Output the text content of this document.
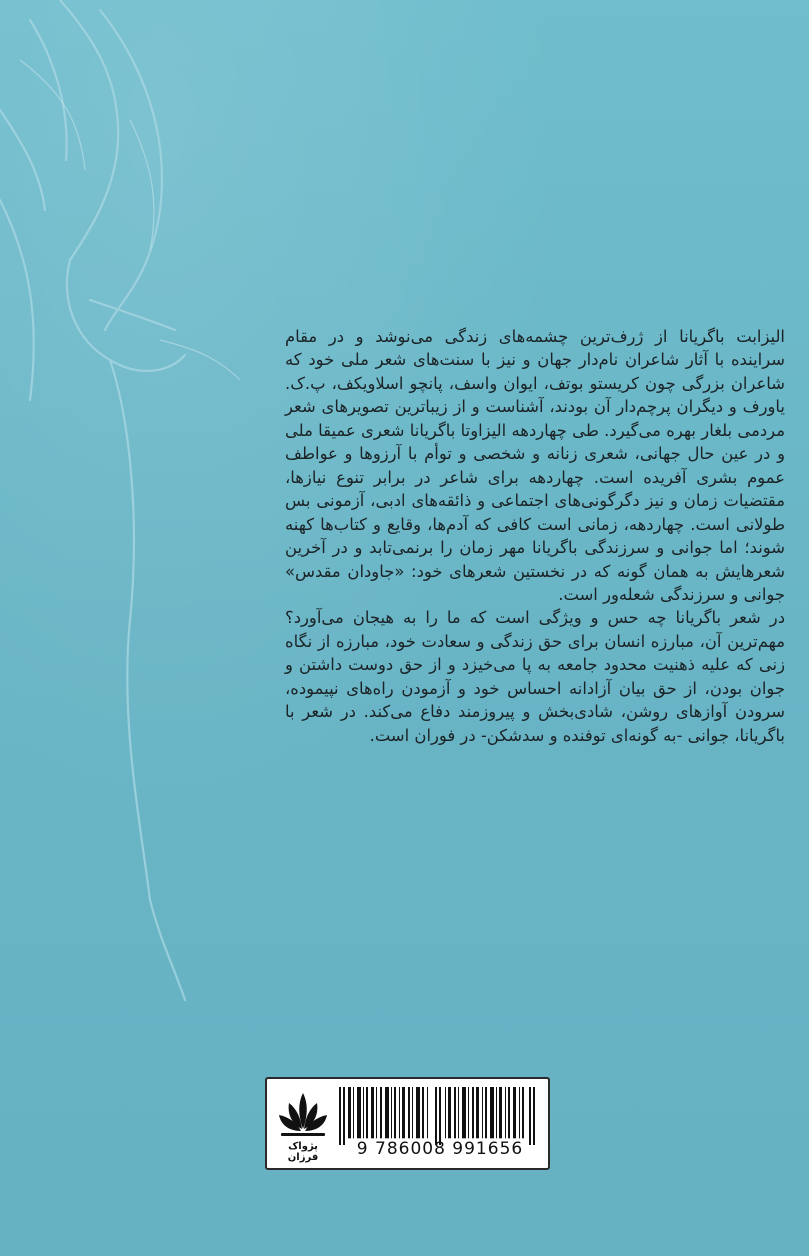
الیزابت باگریانا از ژرف‌ترین چشمه‌های زندگی می‌نوشد و در مقام سراینده با آثار شاعران نام‌دار جهان و نیز با سنت‌های شعر ملی خود که شاعران بزرگی چون کریستو بوتف، ایوان واسف، پانچو اسلاویکف، پ.ک. یاورف و دیگران پرچم‌دار آن بودند، آشناست و از زیباترین تصویرهای شعر مردمی بلغار بهره می‌گیرد. طی چهاردهه الیزاوتا باگریانا شعری عمیقا ملی و در عین حال جهانی، شعری زنانه و شخصی و توأم با آرزوها و عواطف عموم بشری آفریده است. چهاردهه برای شاعر در برابر تنوع نیازها، مقتضیات زمان و نیز دگرگونی‌های اجتماعی و ذائقه‌های ادبی، آزمونی بس طولانی است. چهاردهه، زمانی است کافی که آدم‌ها، وقایع و کتاب‌ها کهنه شوند؛ اما جوانی و سرزندگی باگریانا مهر زمان را برنمی‌تابد و در آخرین شعرهایش به همان گونه که در نخستین شعرهای خود: «جاودان مقدس» جوانی و سرزندگی شعله‌ور است.

در شعر باگریانا چه حس و ویژگی است که ما را به هیجان می‌آورد؟ مهم‌ترین آن، مبارزه انسان برای حق زندگی و سعادت خود، مبارزه از نگاه زنی که علیه ذهنیت محدود جامعه به پا می‌خیزد و از حق دوست داشتن و جوان بودن، از حق بیان آزادانه احساس خود و آزمودن راه‌های نپیموده، سرودن آوازهای روشن، شادی‌بخش و پیروزمند دفاع می‌کند. در شعر با باگریانا، جوانی -به گونه‌ای توفنده و سدشکن- در فوران است.

پژواک فرزان	9 786008 991656
